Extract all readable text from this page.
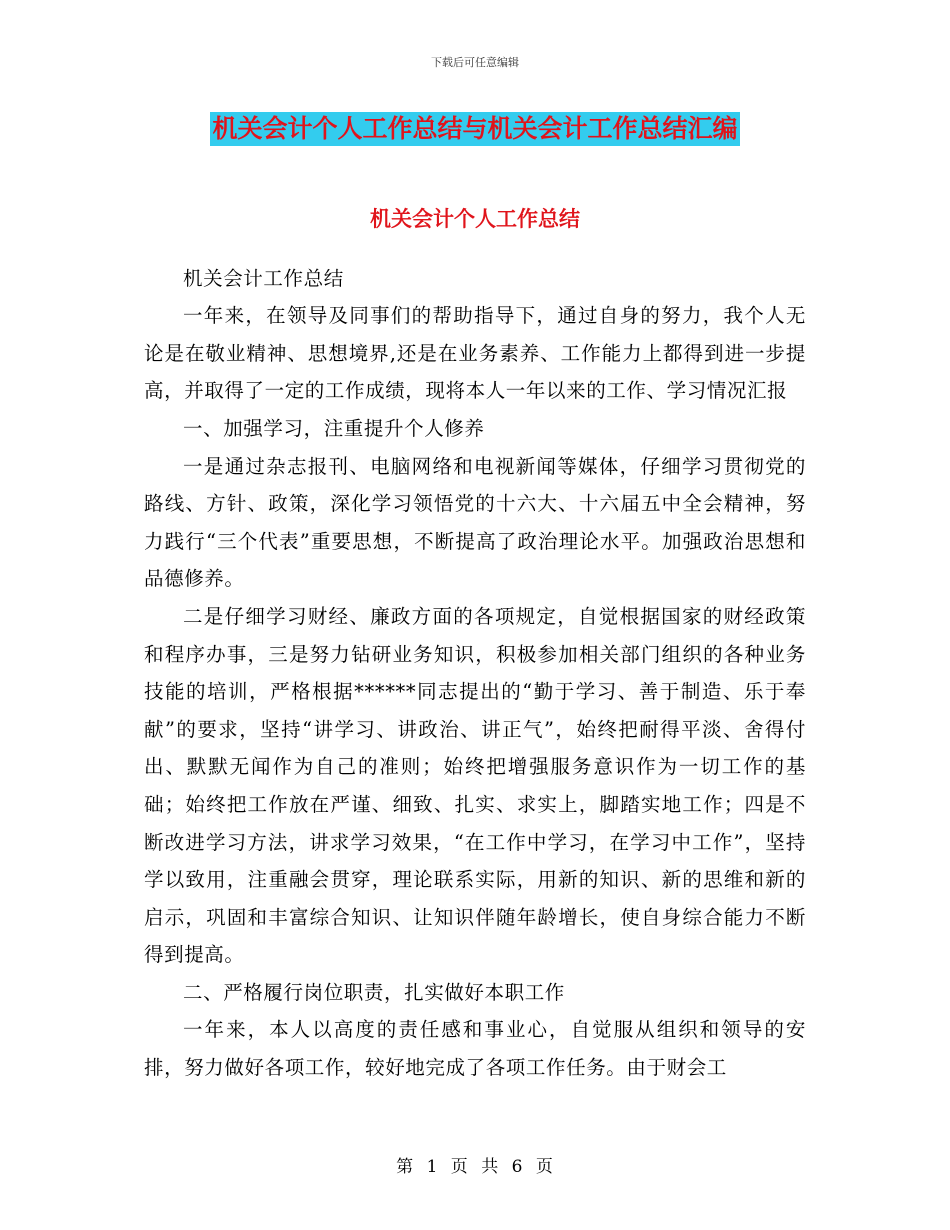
下载后可任意编辑
机关会计个人工作总结与机关会计工作总结汇编
机关会计个人工作总结

机关会计工作总结

一年来，在领导及同事们的帮助指导下，通过自身的努力，我个人无论是在敬业精神、思想境界,还是在业务素养、工作能力上都得到进一步提高，并取得了一定的工作成绩，现将本人一年以来的工作、学习情况汇报

一、加强学习，注重提升个人修养

一是通过杂志报刊、电脑网络和电视新闻等媒体，仔细学习贯彻党的路线、方针、政策，深化学习领悟党的十六大、十六届五中全会精神，努力践行“三个代表”重要思想，不断提高了政治理论水平。加强政治思想和品德修养。

二是仔细学习财经、廉政方面的各项规定，自觉根据国家的财经政策和程序办事，三是努力钻研业务知识，积极参加相关部门组织的各种业务技能的培训，严格根据******同志提出的“勤于学习、善于制造、乐于奉献”的要求，坚持“讲学习、讲政治、讲正气”，始终把耐得平淡、舍得付出、默默无闻作为自己的准则；始终把增强服务意识作为一切工作的基础；始终把工作放在严谨、细致、扎实、求实上，脚踏实地工作；四是不断改进学习方法，讲求学习效果，“在工作中学习，在学习中工作”，坚持学以致用，注重融会贯穿，理论联系实际，用新的知识、新的思维和新的启示，巩固和丰富综合知识、让知识伴随年龄增长，使自身综合能力不断得到提高。

二、严格履行岗位职责，扎实做好本职工作

一年来，本人以高度的责任感和事业心，自觉服从组织和领导的安排，努力做好各项工作，较好地完成了各项工作任务。由于财会工

第 1 页 共 6 页
